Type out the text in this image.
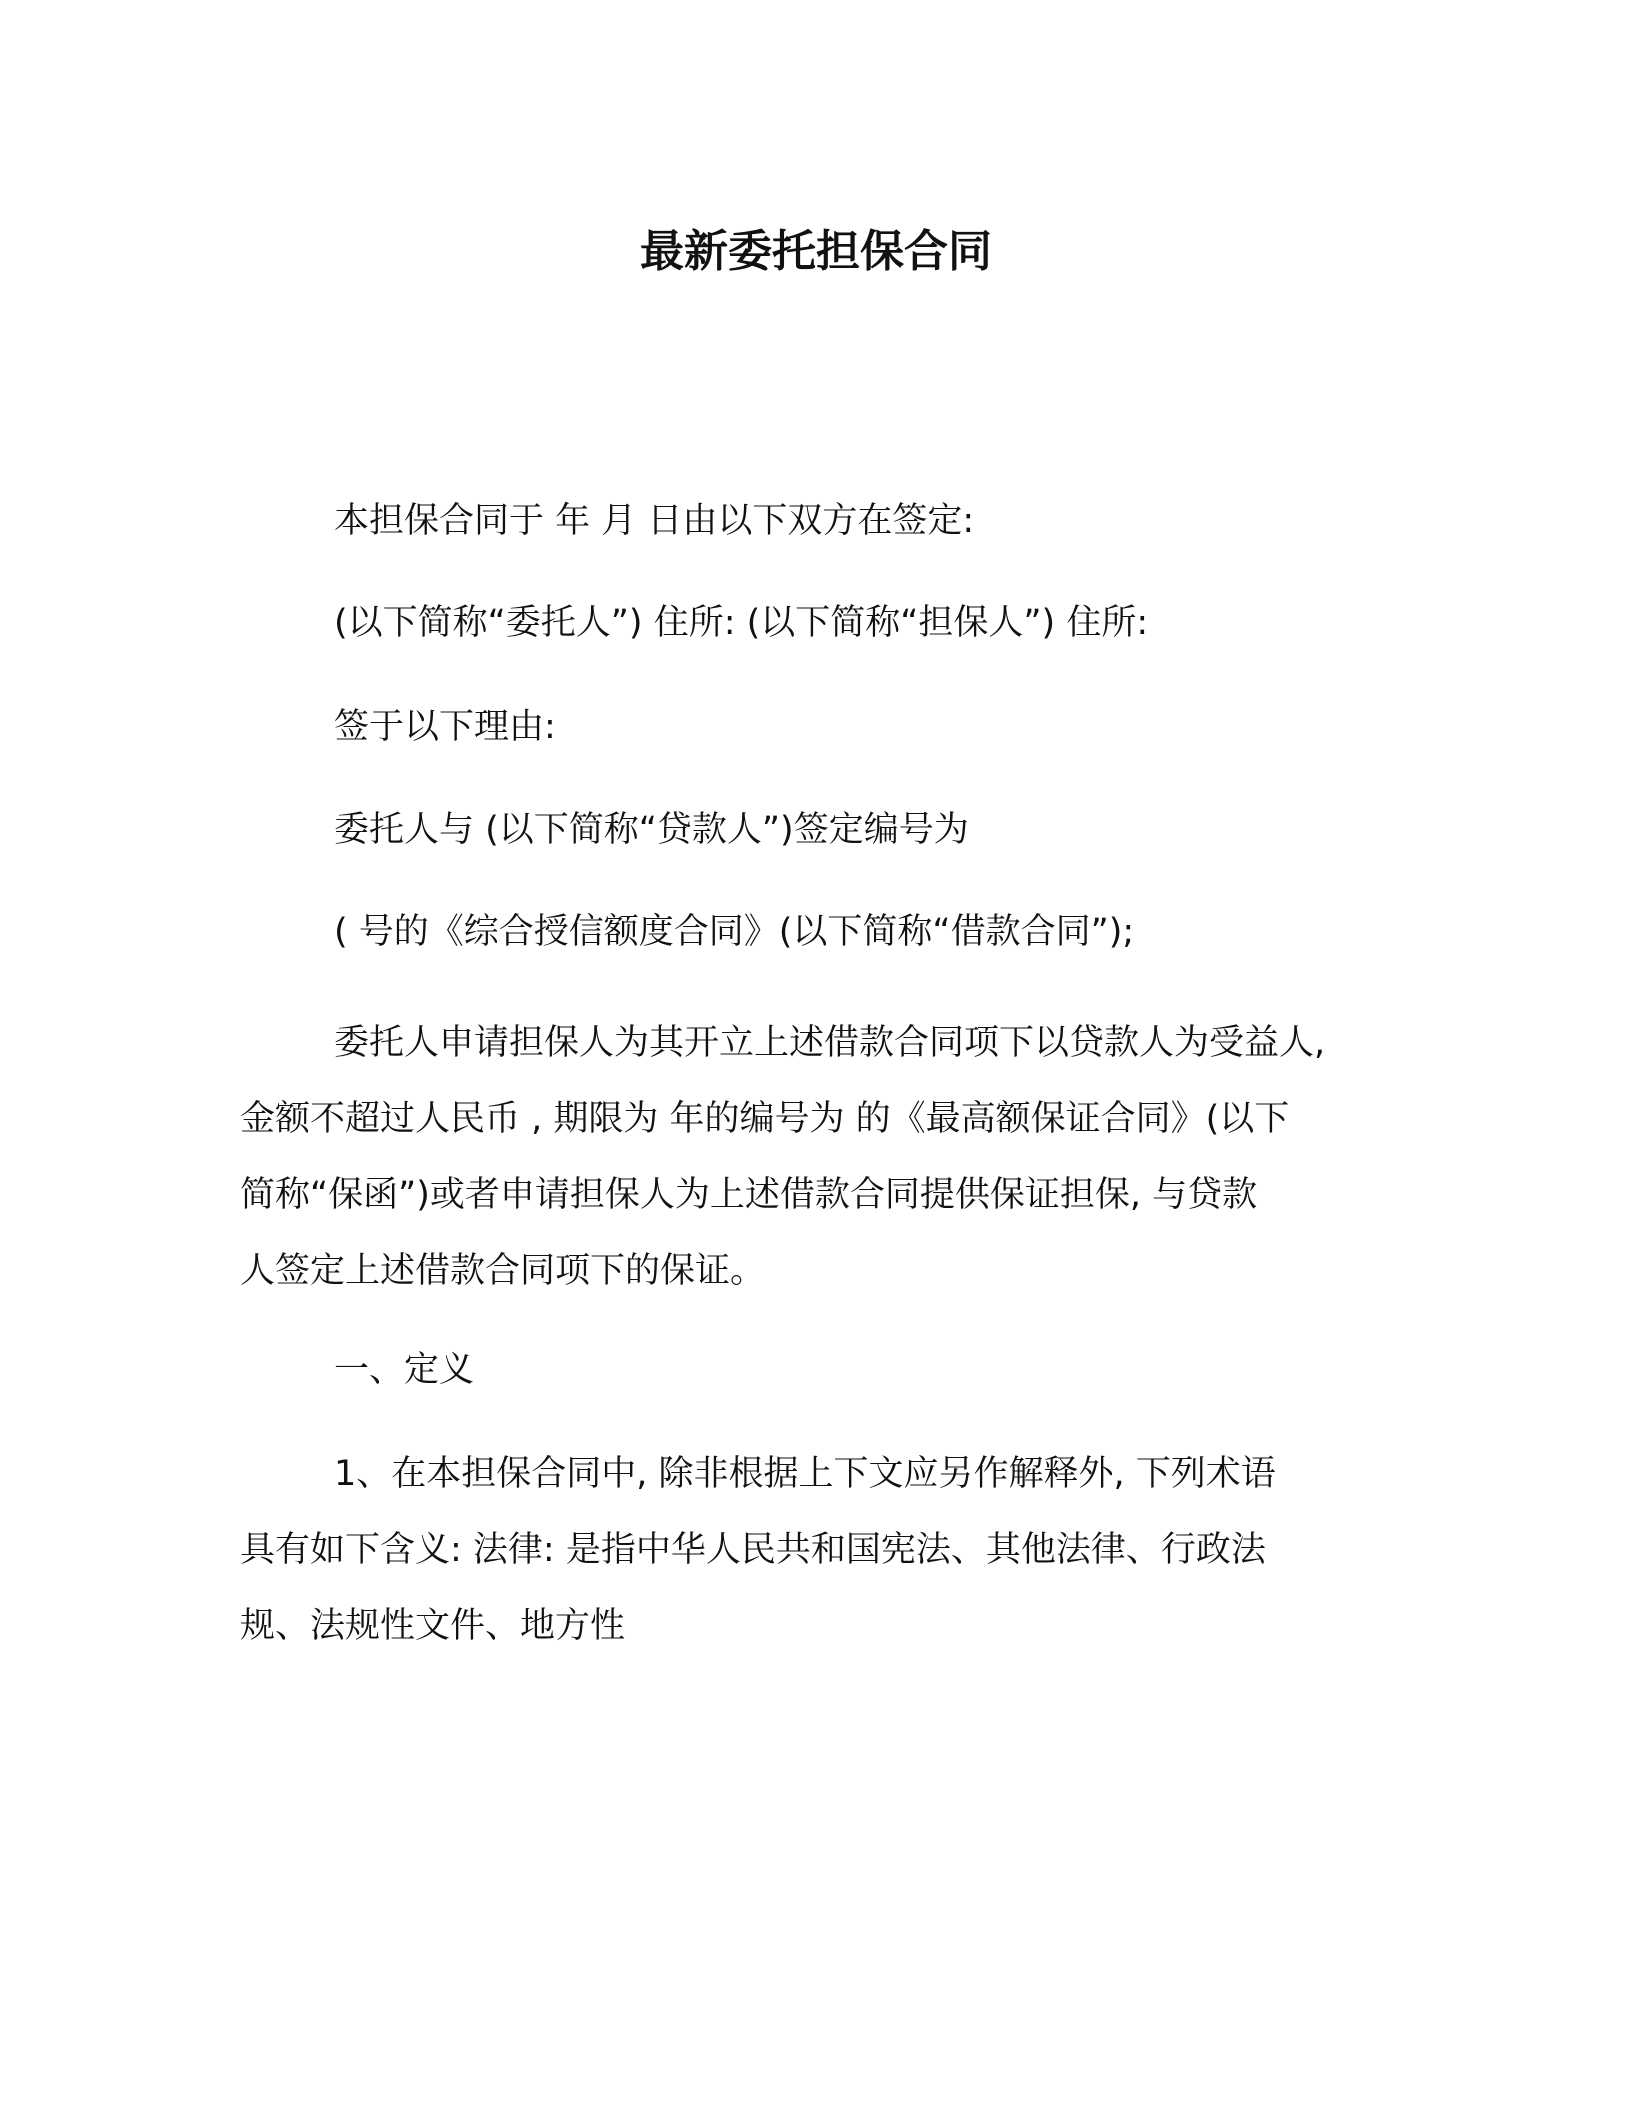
最新委托担保合同
本担保合同于 年 月 日由以下双方在签定:
(以下简称“委托人”) 住所: (以下简称“担保人”) 住所:
签于以下理由:
委托人与 (以下简称“贷款人”)签定编号为
( 号的《综合授信额度合同》(以下简称“借款合同”);
委托人申请担保人为其开立上述借款合同项下以贷款人为受益人,
金额不超过人民币 , 期限为 年的编号为 的《最高额保证合同》(以下
简称“保函”)或者申请担保人为上述借款合同提供保证担保, 与贷款
人签定上述借款合同项下的保证。
一、定义
1、在本担保合同中, 除非根据上下文应另作解释外, 下列术语
具有如下含义: 法律: 是指中华人民共和国宪法、其他法律、行政法
规、法规性文件、地方性
